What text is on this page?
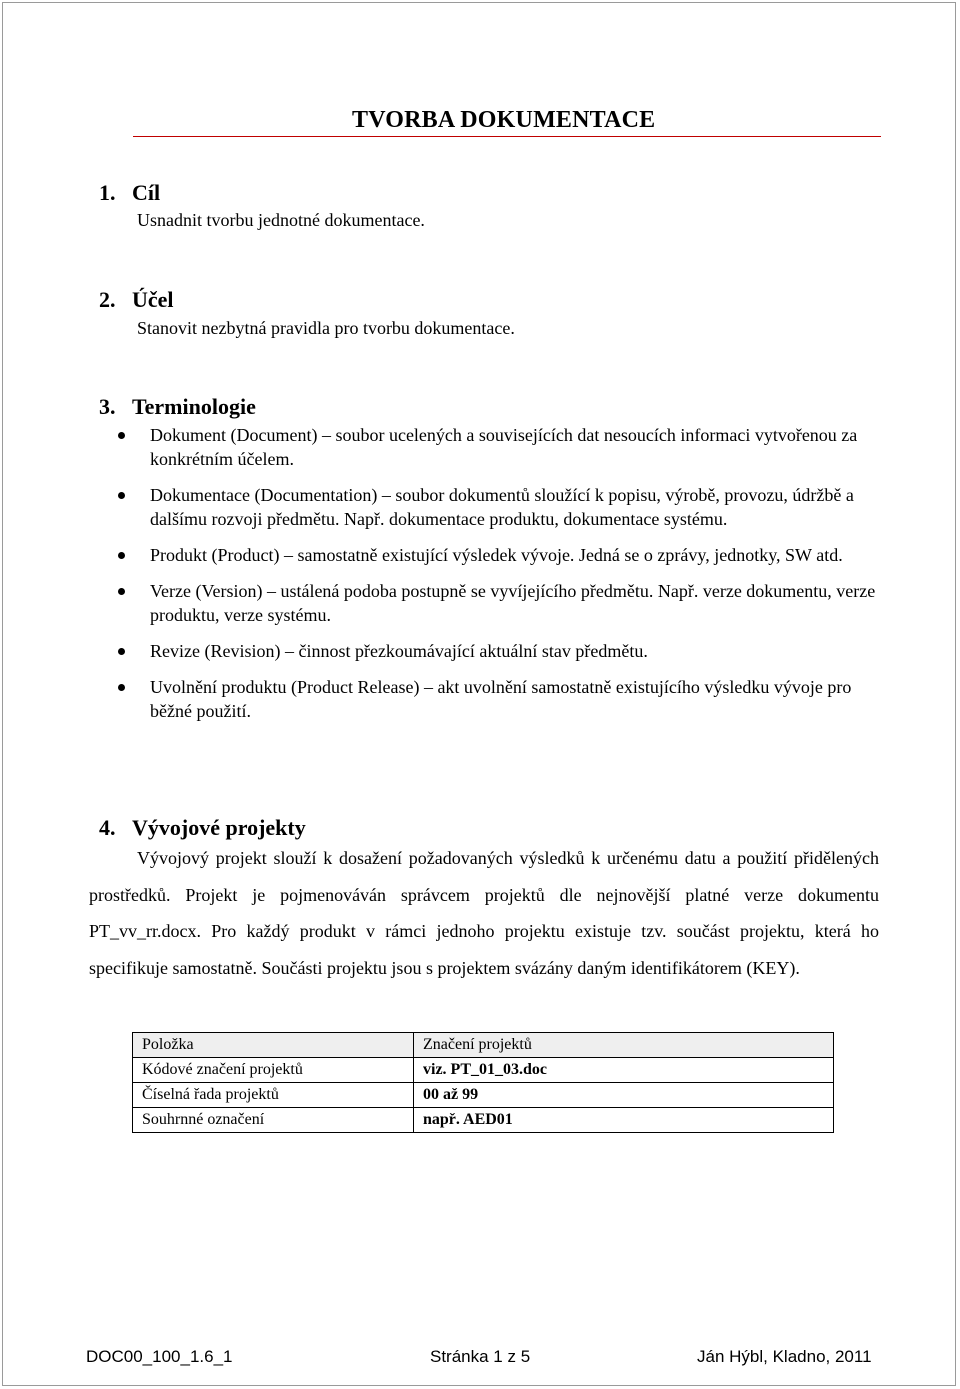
TVORBA DOKUMENTACE
1. Cíl
Usnadnit tvorbu jednotné dokumentace.
2. Účel
Stanovit nezbytná pravidla pro tvorbu dokumentace.
3. Terminologie
Dokument (Document) – soubor ucelených a souvisejících dat nesoucích informaci vytvořenou za konkrétním účelem.
Dokumentace (Documentation) – soubor dokumentů sloužící k popisu, výrobě, provozu, údržbě a dalšímu rozvoji předmětu. Např. dokumentace produktu, dokumentace systému.
Produkt (Product) – samostatně existující výsledek vývoje. Jedná se o zprávy, jednotky, SW atd.
Verze (Version) – ustálená podoba postupně se vyvíjejícího předmětu. Např. verze dokumentu, verze produktu, verze systému.
Revize (Revision) – činnost přezkoumávající aktuální stav předmětu.
Uvolnění produktu (Product Release) – akt uvolnění samostatně existujícího výsledku vývoje pro běžné použití.
4. Vývojové projekty
Vývojový projekt slouží k dosažení požadovaných výsledků k určenému datu a použití přidělených prostředků. Projekt je pojmenováván správcem projektů dle nejnovější platné verze dokumentu PT_vv_rr.docx. Pro každý produkt v rámci jednoho projektu existuje tzv. součást projektu, která ho specifikuje samostatně. Součásti projektu jsou s projektem svázány daným identifikátorem (KEY).
Položka	Značení projektů
Kódové značení projektů	viz. PT_01_03.doc
Číselná řada projektů	00 až 99
Souhrnné označení	např. AED01
DOC00_100_1.6_1	Stránka 1 z 5	Ján Hýbl, Kladno, 2011
